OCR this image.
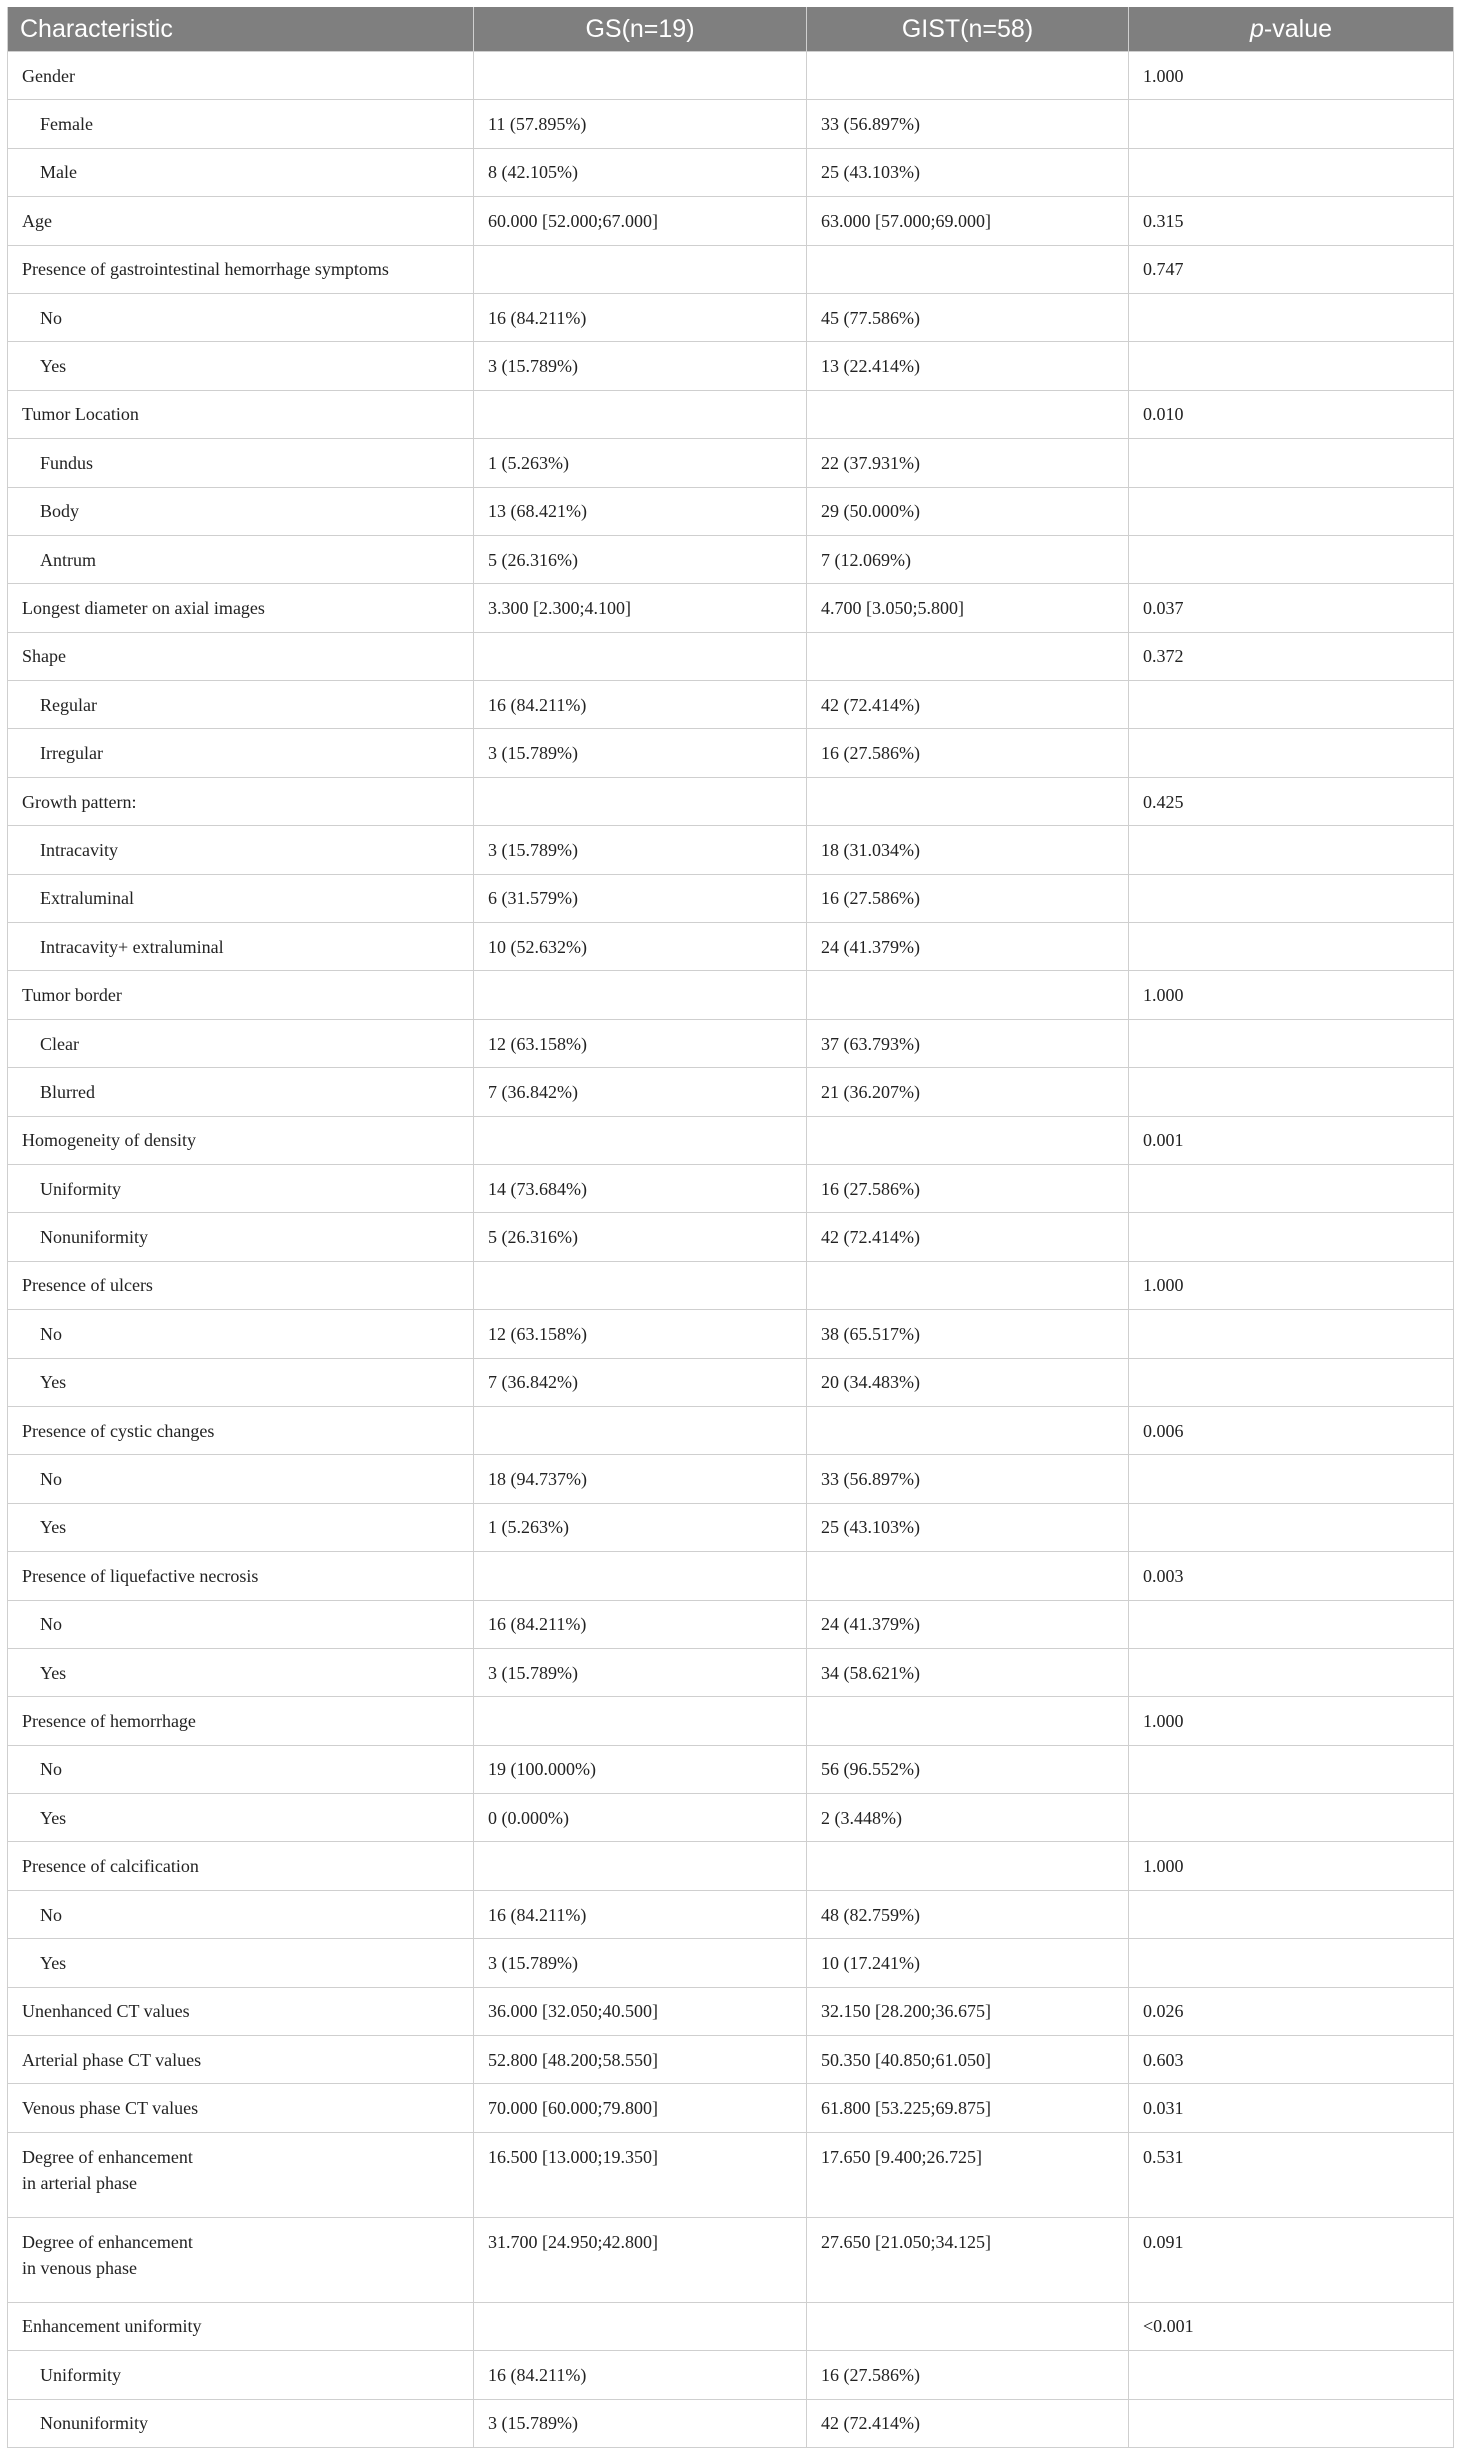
Characteristic	GS(n=19)	GIST(n=58)	p-value
Gender			1.000
Female	11 (57.895%)	33 (56.897%)	
Male	8 (42.105%)	25 (43.103%)	
Age	60.000 [52.000;67.000]	63.000 [57.000;69.000]	0.315
Presence of gastrointestinal hemorrhage symptoms			0.747
No	16 (84.211%)	45 (77.586%)	
Yes	3 (15.789%)	13 (22.414%)	
Tumor Location			0.010
Fundus	1 (5.263%)	22 (37.931%)	
Body	13 (68.421%)	29 (50.000%)	
Antrum	5 (26.316%)	7 (12.069%)	
Longest diameter on axial images	3.300 [2.300;4.100]	4.700 [3.050;5.800]	0.037
Shape			0.372
Regular	16 (84.211%)	42 (72.414%)	
Irregular	3 (15.789%)	16 (27.586%)	
Growth pattern:			0.425
Intracavity	3 (15.789%)	18 (31.034%)	
Extraluminal	6 (31.579%)	16 (27.586%)	
Intracavity+ extraluminal	10 (52.632%)	24 (41.379%)	
Tumor border			1.000
Clear	12 (63.158%)	37 (63.793%)	
Blurred	7 (36.842%)	21 (36.207%)	
Homogeneity of density			0.001
Uniformity	14 (73.684%)	16 (27.586%)	
Nonuniformity	5 (26.316%)	42 (72.414%)	
Presence of ulcers			1.000
No	12 (63.158%)	38 (65.517%)	
Yes	7 (36.842%)	20 (34.483%)	
Presence of cystic changes			0.006
No	18 (94.737%)	33 (56.897%)	
Yes	1 (5.263%)	25 (43.103%)	
Presence of liquefactive necrosis			0.003
No	16 (84.211%)	24 (41.379%)	
Yes	3 (15.789%)	34 (58.621%)	
Presence of hemorrhage			1.000
No	19 (100.000%)	56 (96.552%)	
Yes	0 (0.000%)	2 (3.448%)	
Presence of calcification			1.000
No	16 (84.211%)	48 (82.759%)	
Yes	3 (15.789%)	10 (17.241%)	
Unenhanced CT values	36.000 [32.050;40.500]	32.150 [28.200;36.675]	0.026
Arterial phase CT values	52.800 [48.200;58.550]	50.350 [40.850;61.050]	0.603
Venous phase CT values	70.000 [60.000;79.800]	61.800 [53.225;69.875]	0.031

Degree of enhancement
in arterial phase	16.500 [13.000;19.350]	17.650 [9.400;26.725]	0.531

Degree of enhancement
in venous phase	31.700 [24.950;42.800]	27.650 [21.050;34.125]	0.091
Enhancement uniformity			<0.001
Uniformity	16 (84.211%)	16 (27.586%)	
Nonuniformity	3 (15.789%)	42 (72.414%)	
